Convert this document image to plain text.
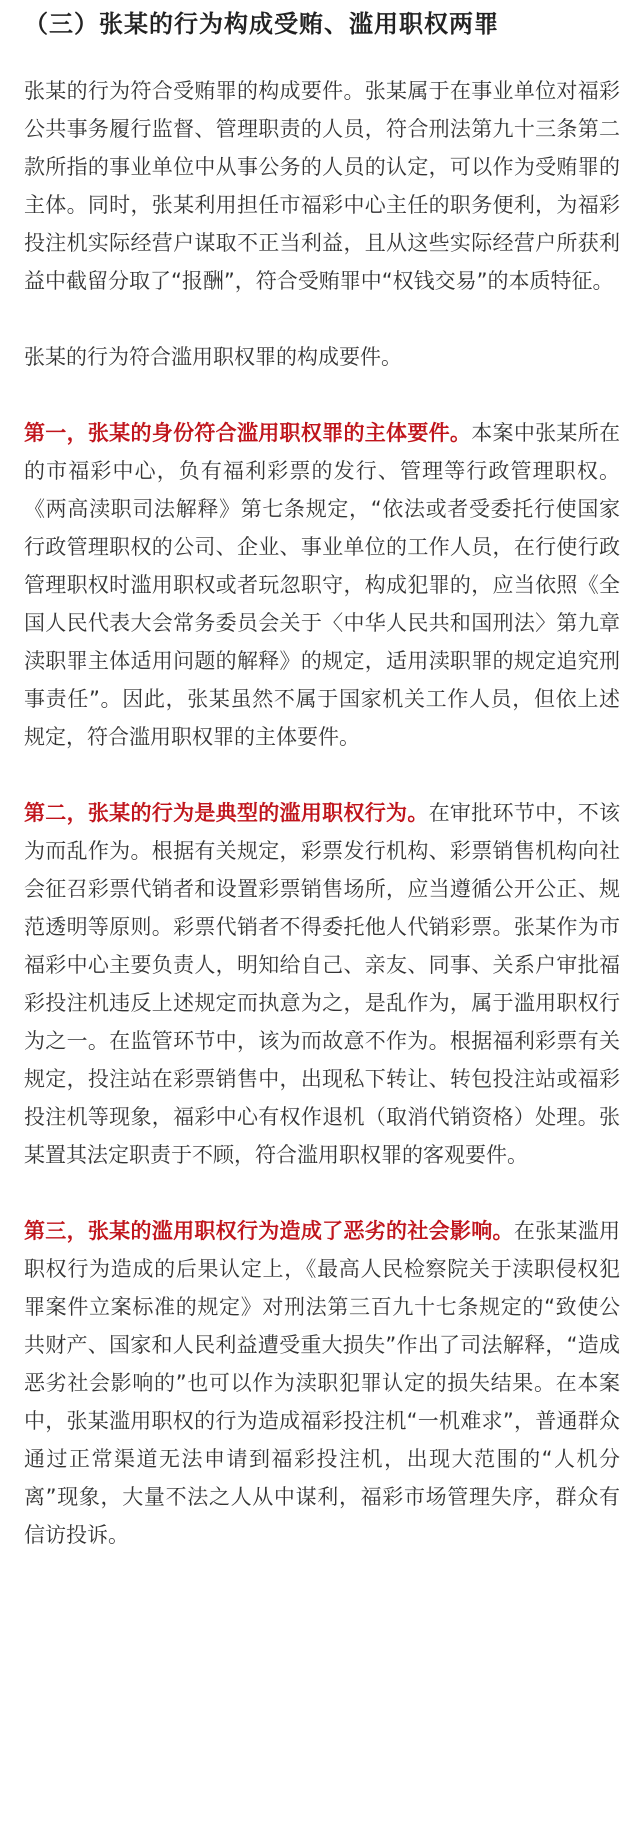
（三）张某的行为构成受贿、滥用职权两罪

张某的行为符合受贿罪的构成要件。张某属于在事业单位对福彩公共事务履行监督、管理职责的人员，符合刑法第九十三条第二款所指的事业单位中从事公务的人员的认定，可以作为受贿罪的主体。同时，张某利用担任市福彩中心主任的职务便利，为福彩投注机实际经营户谋取不正当利益，且从这些实际经营户所获利益中截留分取了“报酬”，符合受贿罪中“权钱交易”的本质特征。

张某的行为符合滥用职权罪的构成要件。

第一，张某的身份符合滥用职权罪的主体要件。本案中张某所在的市福彩中心，负有福利彩票的发行、管理等行政管理职权。《两高渎职司法解释》第七条规定，“依法或者受委托行使国家行政管理职权的公司、企业、事业单位的工作人员，在行使行政管理职权时滥用职权或者玩忽职守，构成犯罪的，应当依照《全国人民代表大会常务委员会关于〈中华人民共和国刑法〉第九章渎职罪主体适用问题的解释》的规定，适用渎职罪的规定追究刑事责任”。因此，张某虽然不属于国家机关工作人员，但依上述规定，符合滥用职权罪的主体要件。

第二，张某的行为是典型的滥用职权行为。在审批环节中，不该为而乱作为。根据有关规定，彩票发行机构、彩票销售机构向社会征召彩票代销者和设置彩票销售场所，应当遵循公开公正、规范透明等原则。彩票代销者不得委托他人代销彩票。张某作为市福彩中心主要负责人，明知给自己、亲友、同事、关系户审批福彩投注机违反上述规定而执意为之，是乱作为，属于滥用职权行为之一。在监管环节中，该为而故意不作为。根据福利彩票有关规定，投注站在彩票销售中，出现私下转让、转包投注站或福彩投注机等现象，福彩中心有权作退机（取消代销资格）处理。张某置其法定职责于不顾，符合滥用职权罪的客观要件。

第三，张某的滥用职权行为造成了恶劣的社会影响。在张某滥用职权行为造成的后果认定上，《最高人民检察院关于渎职侵权犯罪案件立案标准的规定》对刑法第三百九十七条规定的“致使公共财产、国家和人民利益遭受重大损失”作出了司法解释，“造成恶劣社会影响的”也可以作为渎职犯罪认定的损失结果。在本案中，张某滥用职权的行为造成福彩投注机“一机难求”，普通群众通过正常渠道无法申请到福彩投注机，出现大范围的“人机分离”现象，大量不法之人从中谋利，福彩市场管理失序，群众有信访投诉。
